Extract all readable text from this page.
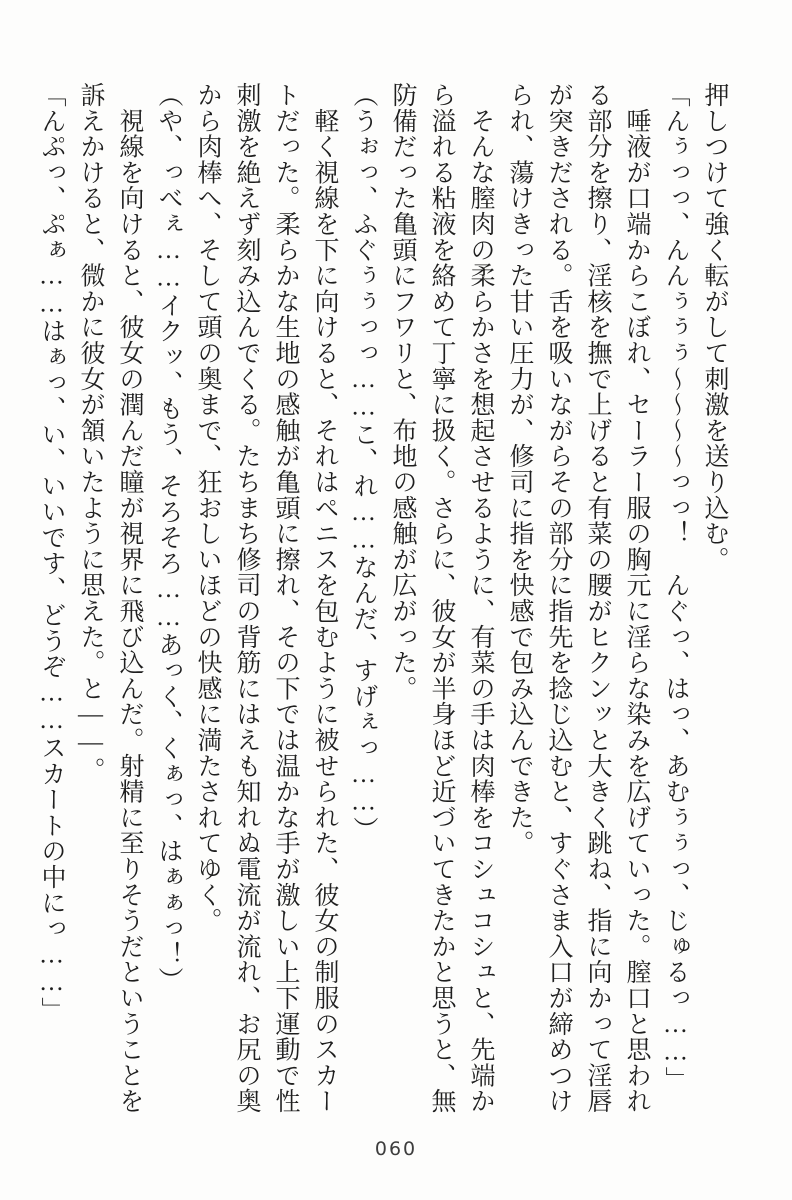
押しつけて強く転がして刺激を送り込む。

「んぅっっ、んんぅぅぅ～～～～っっ！　んぐっ、はっ、あむぅぅっ、じゅるっ……」

　唾液が口端からこぼれ、セーラー服の胸元に淫らな染みを広げていった。膣口と思われ

る部分を擦り、淫核を撫で上げると有菜の腰がヒクンッと大きく跳ね、指に向かって淫唇

が突きだされる。舌を吸いながらその部分に指先を捻じ込むと、すぐさま入口が締めつけ

られ、蕩けきった甘い圧力が、修司に指を快感で包み込んできた。

　そんな膣肉の柔らかさを想起させるように、有菜の手は肉棒をコシュコシュと、先端か

ら溢れる粘液を絡めて丁寧に扱く。さらに、彼女が半身ほど近づいてきたかと思うと、無

防備だった亀頭にフワリと、布地の感触が広がった。

（うぉっ、ふぐぅぅっっ……こ、れ……なんだ、すげぇっ……）

　軽く視線を下に向けると、それはペニスを包むように被せられた、彼女の制服のスカー

トだった。柔らかな生地の感触が亀頭に擦れ、その下では温かな手が激しい上下運動で性

刺激を絶えず刻み込んでくる。たちまち修司の背筋にはえも知れぬ電流が流れ、お尻の奥

から肉棒へ、そして頭の奥まで、狂おしいほどの快感に満たされてゆく。

（や、っべぇ……イクッ、もう、そろそろ……あっく、くぁっ、はぁぁっ！）

　視線を向けると、彼女の潤んだ瞳が視界に飛び込んだ。射精に至りそうだということを

訴えかけると、微かに彼女が頷いたように思えた。と――。

「んぷっ、ぷぁ……はぁっ、い、いいです、どうぞ……スカートの中にっ……」

060
